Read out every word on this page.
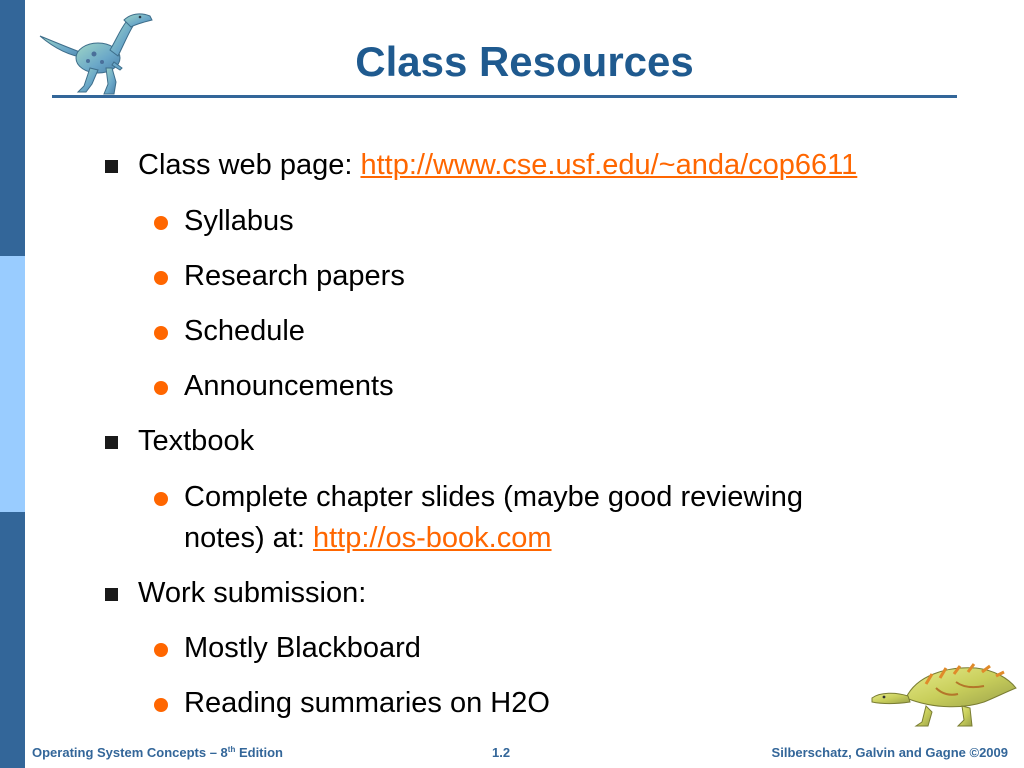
Class Resources
Class web page: http://www.cse.usf.edu/~anda/cop6611
Syllabus
Research papers
Schedule
Announcements
Textbook
Complete chapter slides (maybe good reviewing
notes) at: http://os-book.com
Work submission:
Mostly Blackboard
Reading summaries on H2O
Operating System Concepts – 8th Edition	1.2	Silberschatz, Galvin and Gagne ©2009
